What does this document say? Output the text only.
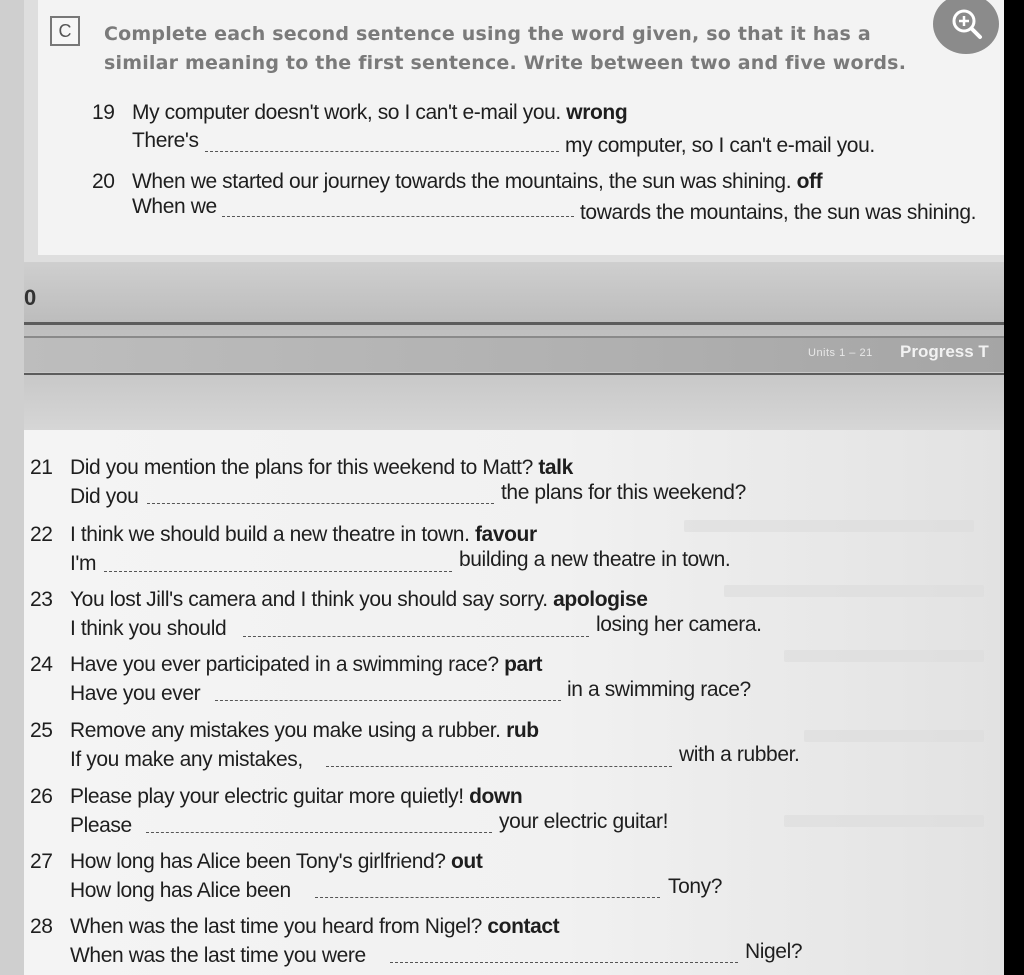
C	Complete each second sentence using the word given, so that it has a similar meaning to the first sentence. Write between two and five words.
19 My computer doesn't work, so I can't e-mail you. wrong
There's	my computer, so I can't e-mail you.
20 When we started our journey towards the mountains, the sun was shining. off
When we	towards the mountains, the sun was shining.
0
Units 1 – 21 Progress T
21 Did you mention the plans for this weekend to Matt? talk
Did you	the plans for this weekend?
22 I think we should build a new theatre in town. favour
I'm	building a new theatre in town.
23 You lost Jill's camera and I think you should say sorry. apologise
I think you should	losing her camera.
24 Have you ever participated in a swimming race? part
Have you ever	in a swimming race?
25 Remove any mistakes you make using a rubber. rub
If you make any mistakes,	with a rubber.
26 Please play your electric guitar more quietly! down
Please	your electric guitar!
27 How long has Alice been Tony's girlfriend? out
How long has Alice been	Tony?
28 When was the last time you heard from Nigel? contact
When was the last time you were	Nigel?
